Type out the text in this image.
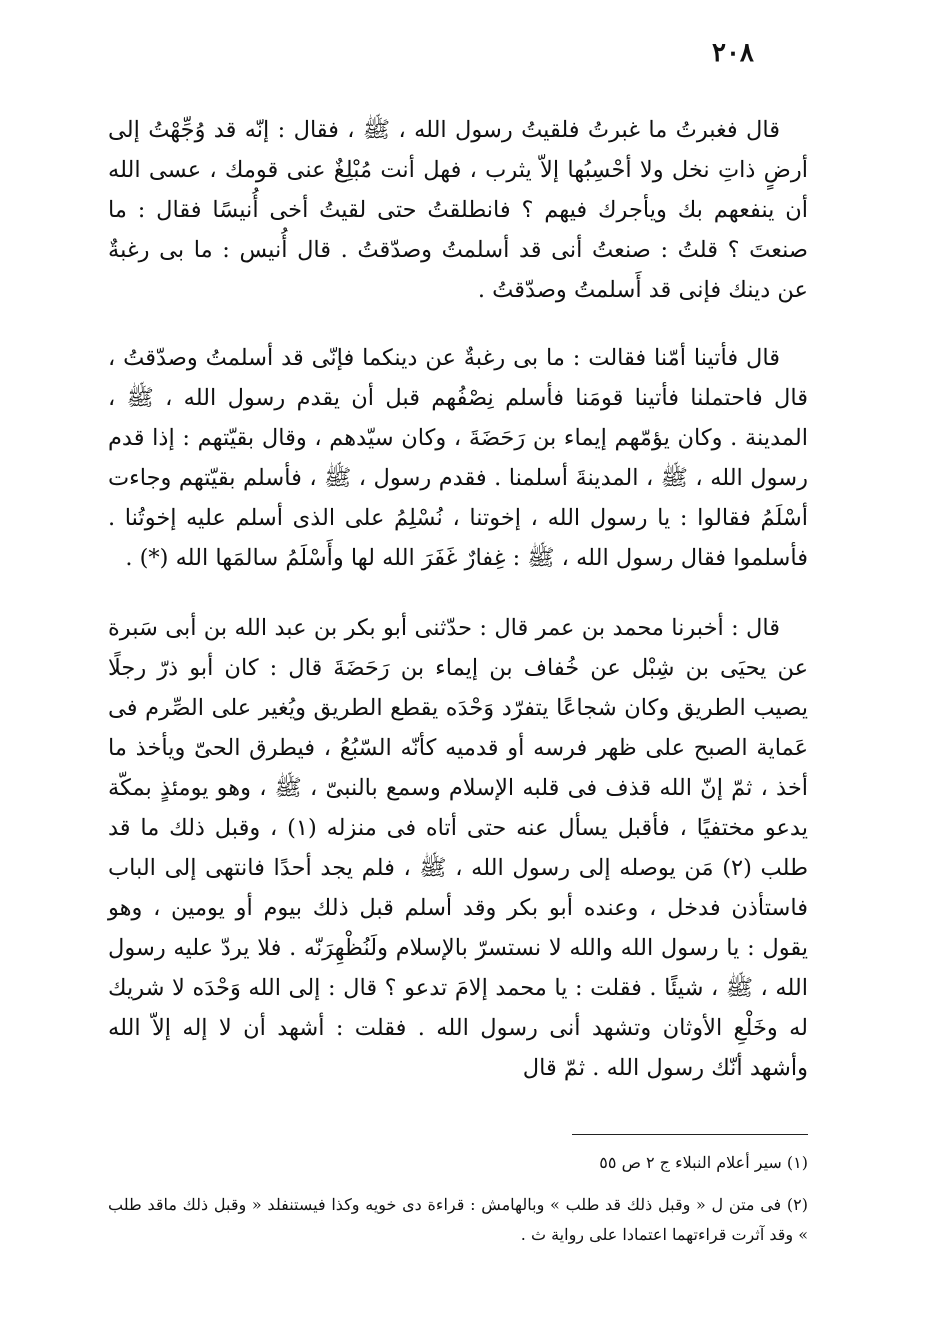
٢٠٨

قال فغبرتُ ما غبرتُ فلقيتُ رسول الله ، ﷺ ، فقال : إنّه قد وُجِّهْتُ إلى أرضٍ ذاتِ نخل ولا أحْسِبُها إلاّ يثرب ، فهل أنت مُبْلِغٌ عنى قومك ، عسى الله أن ينفعهم بك ويأجرك فيهم ؟ فانطلقتُ حتى لقيتُ أخى أُنيسًا فقال : ما صنعتَ ؟ قلتُ : صنعتُ أنى قد أسلمتُ وصدّقتُ . قال أُنيس : ما بى رغبةٌ عن دينك فإنى قد أَسلمتُ وصدّقتُ .

قال فأتينا أمّنا فقالت : ما بى رغبةٌ عن دينكما فإنّى قد أسلمتُ وصدّقتُ ، قال فاحتملنا فأتينا قومَنا فأسلم نِصْفُهم قبل أن يقدم رسول الله ، ﷺ ، المدينة . وكان يؤمّهم إيماء بن رَحَضَةَ ، وكان سيّدهم ، وقال بقيّتهم : إذا قدم رسول الله ، ﷺ ، المدينةَ أسلمنا . فقدم رسول ، ﷺ ، فأسلم بقيّتهم وجاءت أسْلَمُ فقالوا : يا رسول الله ، إخوتنا ، نُسْلِمُ على الذى أسلم عليه إخوتُنا . فأسلموا فقال رسول الله ، ﷺ : غِفارٌ غَفَرَ الله لها وأَسْلَمُ سالمَها الله (*) .

قال : أخبرنا محمد بن عمر قال : حدّثنى أبو بكر بن عبد الله بن أبى سَبرة عن يحيَى بن شِبْل عن خُفاف بن إيماء بن رَحَضَةَ قال : كان أبو ذرّ رجلًا يصيب الطريق وكان شجاعًا يتفرّد وَحْدَه يقطع الطريق ويُغير على الصِّرم فى عَماية الصبح على ظهر فرسه أو قدميه كأنّه السّبُعُ ، فيطرق الحىّ ويأخذ ما أخذ ، ثمّ إنّ الله قذف فى قلبه الإسلام وسمع بالنبىّ ، ﷺ ، وهو يومئذٍ بمكّة يدعو مختفيًا ، فأقبل يسأل عنه حتى أتاه فى منزله (١) ، وقبل ذلك ما قد طلب (٢) مَن يوصله إلى رسول الله ، ﷺ ، فلم يجد أحدًا فانتهى إلى الباب فاستأذن فدخل ، وعنده أبو بكر وقد أسلم قبل ذلك بيوم أو يومين ، وهو يقول : يا رسول الله والله لا نستسرّ بالإسلام ولَنُظْهِرَنّه . فلا يردّ عليه رسول الله ، ﷺ ، شيئًا . فقلت : يا محمد إلامَ تدعو ؟ قال : إلى الله وَحْدَه لا شريك له وخَلْعِ الأوثان وتشهد أنى رسول الله . فقلت : أشهد أن لا إله إلاّ الله وأشهد أنّك رسول الله . ثمّ قال

(١) سير أعلام النبلاء ج ٢ ص ٥٥

(٢) فى متن ل « وقبل ذلك قد طلب » وبالهامش : قراءة دى خويه وكذا فيستنفلد « وقبل ذلك ماقد طلب » وقد آثرت قراءتهما اعتمادا على رواية ث .
